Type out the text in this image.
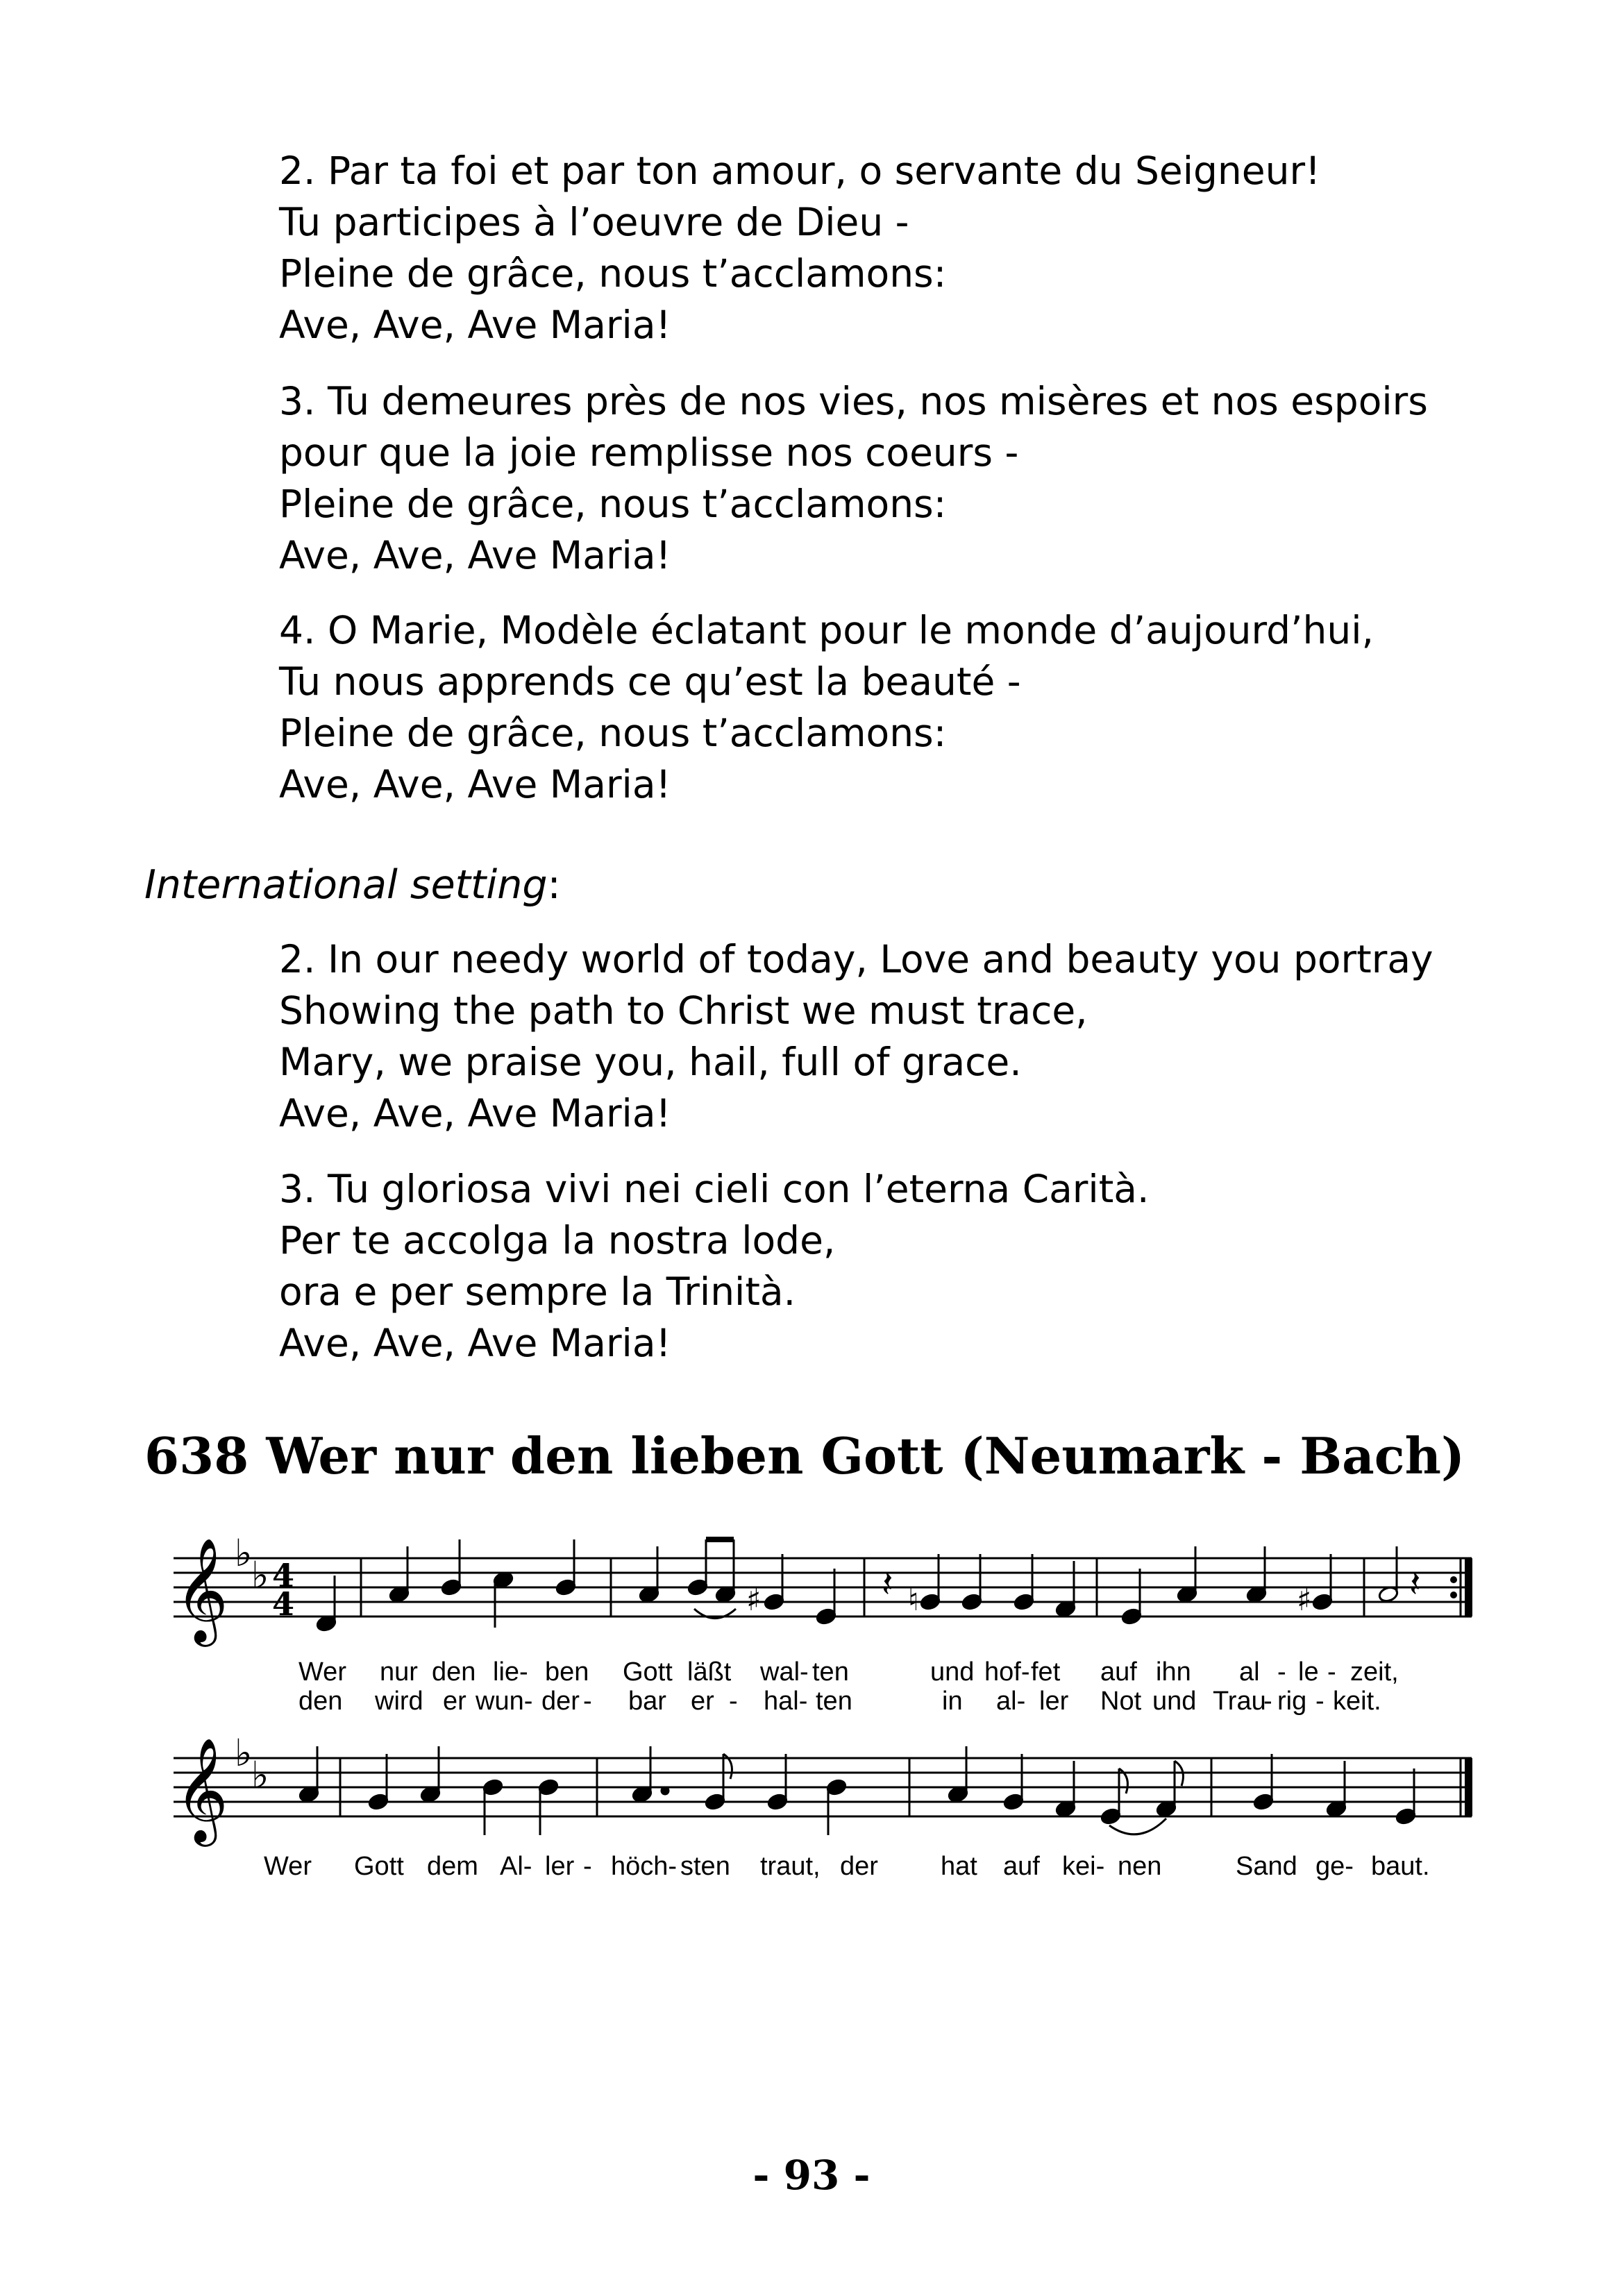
2. Par ta foi et par ton amour, o servante du Seigneur!
Tu participes à l’oeuvre de Dieu -
Pleine de grâce, nous t’acclamons:
Ave, Ave, Ave Maria!
3. Tu demeures près de nos vies, nos misères et nos espoirs
pour que la joie remplisse nos coeurs -
Pleine de grâce, nous t’acclamons:
Ave, Ave, Ave Maria!
4. O Marie, Modèle éclatant pour le monde d’aujourd’hui,
Tu nous apprends ce qu’est la beauté -
Pleine de grâce, nous t’acclamons:
Ave, Ave, Ave Maria!
International setting:
2. In our needy world of today, Love and beauty you portray
Showing the path to Christ we must trace,
Mary, we praise you, hail, full of grace.
Ave, Ave, Ave Maria!
3. Tu gloriosa vivi nei cieli con l’eterna Carità.
Per te accolga la nostra lode,
ora e per sempre la Trinità.
Ave, Ave, Ave Maria!
638 Wer nur den lieben Gott (Neumark - Bach)
𝄞
𝄞
♭
♭
♭
♭
4
4	♯	♯
♮
𝄽	𝄽
Wer nur den lie- ben Gott läßt wal- ten	und hof- fet auf ihn al - le - zeit,
den wird er wun- der - bar er - hal- ten	in al- ler Not und Trau
- rig - keit.
Wer Gott dem Al- ler - höch- sten traut, der hat auf kei- nen	Sand ge- baut.
- 93 -
